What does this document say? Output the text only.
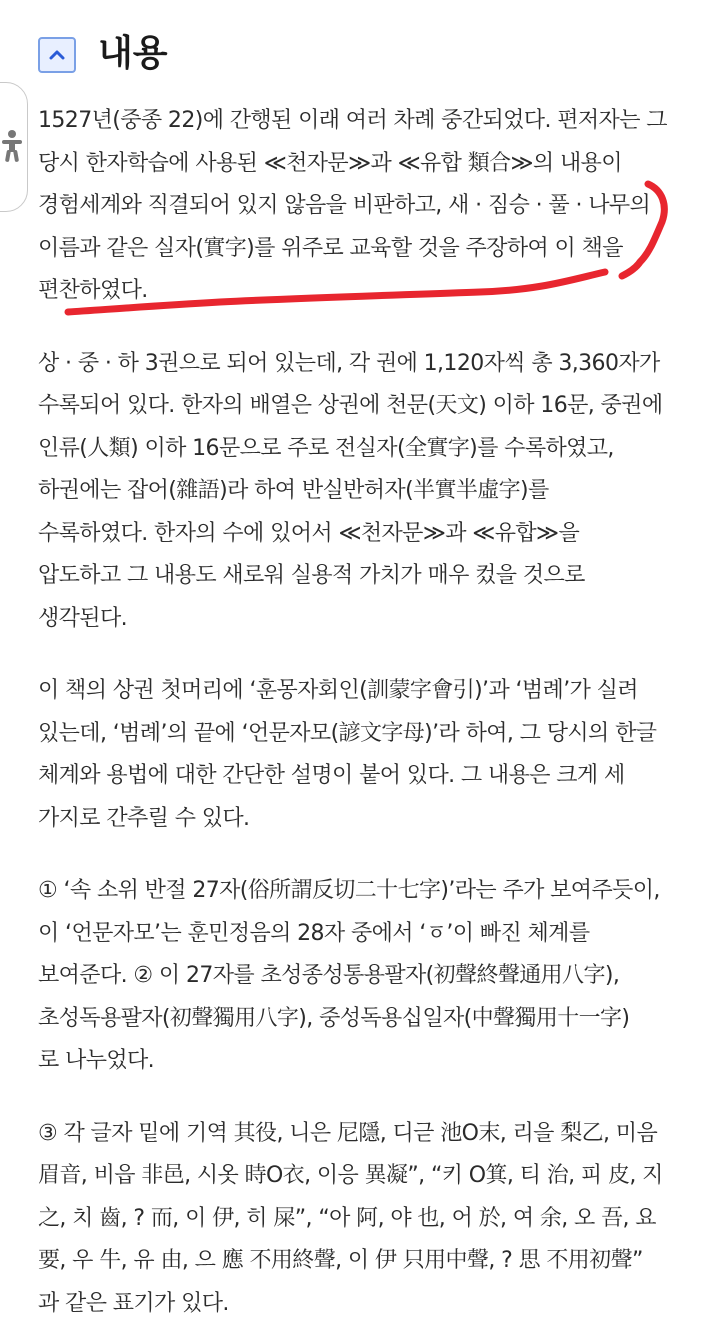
내용

1527년(중종 22)에 간행된 이래 여러 차례 중간되었다. 편저자는 그
당시 한자학습에 사용된 ≪천자문≫과 ≪유합 類合≫의 내용이
경험세계와 직결되어 있지 않음을 비판하고, 새 · 짐승 · 풀 · 나무의
이름과 같은 실자(實字)를 위주로 교육할 것을 주장하여 이 책을
편찬하였다.

상 · 중 · 하 3권으로 되어 있는데, 각 권에 1,120자씩 총 3,360자가
수록되어 있다. 한자의 배열은 상권에 천문(天文) 이하 16문, 중권에
인류(人類) 이하 16문으로 주로 전실자(全實字)를 수록하였고,
하권에는 잡어(雜語)라 하여 반실반허자(半實半虛字)를
수록하였다. 한자의 수에 있어서 ≪천자문≫과 ≪유합≫을
압도하고 그 내용도 새로워 실용적 가치가 매우 컸을 것으로
생각된다.

이 책의 상권 첫머리에 ‘훈몽자회인(訓蒙字會引)’과 ‘범례’가 실려
있는데, ‘범례’의 끝에 ‘언문자모(諺文字母)’라 하여, 그 당시의 한글
체계와 용법에 대한 간단한 설명이 붙어 있다. 그 내용은 크게 세
가지로 간추릴 수 있다.

① ‘속 소위 반절 27자(俗所謂反切二十七字)’라는 주가 보여주듯이,
이 ‘언문자모’는 훈민정음의 28자 중에서 ‘ㆆ’이 빠진 체계를
보여준다. ② 이 27자를 초성종성통용팔자(初聲終聲通用八字),
초성독용팔자(初聲獨用八字), 중성독용십일자(中聲獨用十一字)
로 나누었다.

③ 각 글자 밑에 기역 其役, 니은 尼隱, 디귿 池O末, 리을 梨乙, 미음
眉音, 비읍 非邑, 시옷 時O衣, 이응 異凝”, “키 O箕, 티 治, 피 皮, 지
之, 치 齒, ? 而, 이 伊, 히 屎”, “아 阿, 야 也, 어 於, 여 余, 오 吾, 요
要, 우 牛, 유 由, 으 應 不用終聲, 이 伊 只用中聲, ? 思 不用初聲”
과 같은 표기가 있다.
